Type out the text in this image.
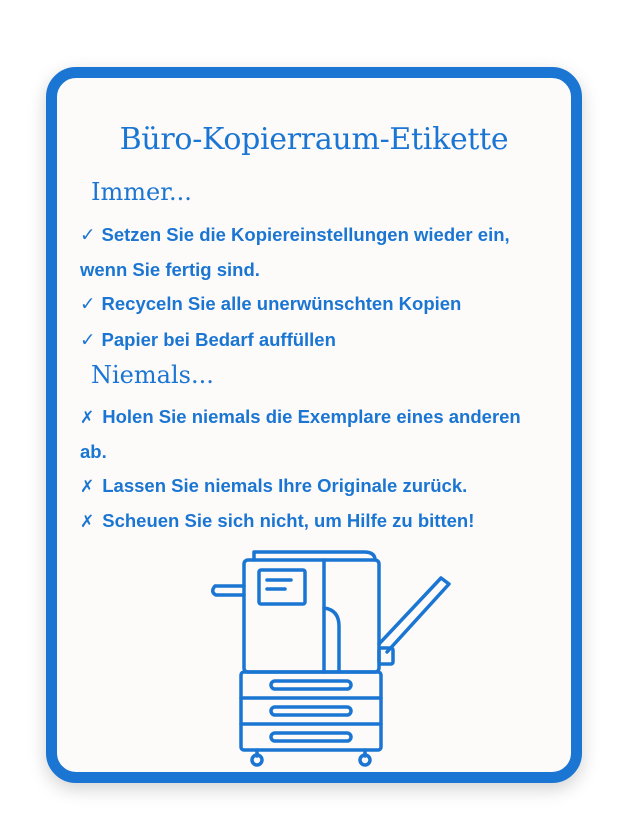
Büro-Kopierraum-Etikette
Immer...
✓ Setzen Sie die Kopiereinstellungen wieder ein, wenn Sie fertig sind.
✓ Recyceln Sie alle unerwünschten Kopien
✓ Papier bei Bedarf auffüllen
Niemals...
✗ Holen Sie niemals die Exemplare eines anderen ab.
✗ Lassen Sie niemals Ihre Originale zurück.
✗ Scheuen Sie sich nicht, um Hilfe zu bitten!
